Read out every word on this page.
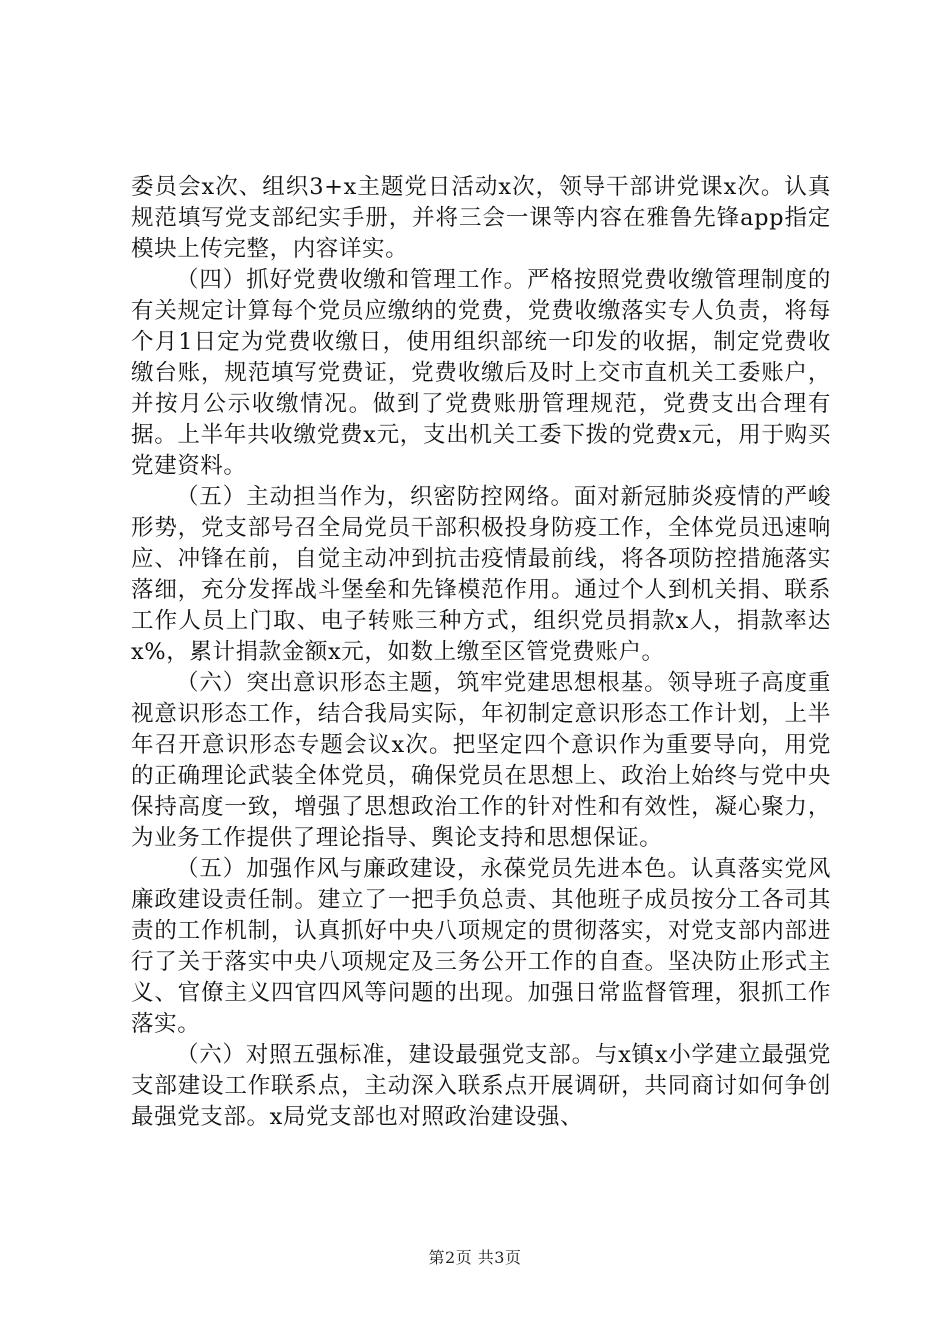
委员会x次、组织3+x主题党日活动x次，领导干部讲党课x次。认真规范填写党支部纪实手册，并将三会一课等内容在雅鲁先锋app指定模块上传完整，内容详实。

（四）抓好党费收缴和管理工作。严格按照党费收缴管理制度的有关规定计算每个党员应缴纳的党费，党费收缴落实专人负责，将每个月1日定为党费收缴日，使用组织部统一印发的收据，制定党费收缴台账，规范填写党费证，党费收缴后及时上交市直机关工委账户，并按月公示收缴情况。做到了党费账册管理规范，党费支出合理有据。上半年共收缴党费x元，支出机关工委下拨的党费x元，用于购买党建资料。

（五）主动担当作为，织密防控网络。面对新冠肺炎疫情的严峻形势，党支部号召全局党员干部积极投身防疫工作，全体党员迅速响应、冲锋在前，自觉主动冲到抗击疫情最前线，将各项防控措施落实落细，充分发挥战斗堡垒和先锋模范作用。通过个人到机关捐、联系工作人员上门取、电子转账三种方式，组织党员捐款x人，捐款率达x%，累计捐款金额x元，如数上缴至区管党费账户。

（六）突出意识形态主题，筑牢党建思想根基。领导班子高度重视意识形态工作，结合我局实际，年初制定意识形态工作计划，上半年召开意识形态专题会议x次。把坚定四个意识作为重要导向，用党的正确理论武装全体党员，确保党员在思想上、政治上始终与党中央保持高度一致，增强了思想政治工作的针对性和有效性，凝心聚力，为业务工作提供了理论指导、舆论支持和思想保证。

（五）加强作风与廉政建设，永葆党员先进本色。认真落实党风廉政建设责任制。建立了一把手负总责、其他班子成员按分工各司其责的工作机制，认真抓好中央八项规定的贯彻落实，对党支部内部进行了关于落实中央八项规定及三务公开工作的自查。坚决防止形式主义、官僚主义四官四风等问题的出现。加强日常监督管理，狠抓工作落实。

（六）对照五强标准，建设最强党支部。与x镇x小学建立最强党支部建设工作联系点，主动深入联系点开展调研，共同商讨如何争创最强党支部。x局党支部也对照政治建设强、

第2页 共3页
